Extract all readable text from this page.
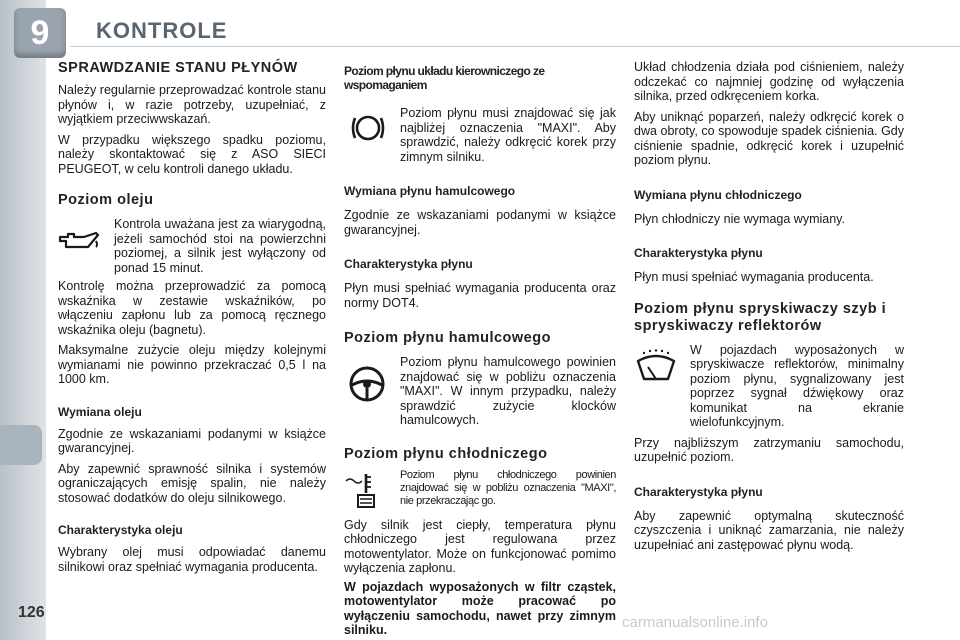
9	KONTROLE
SPRAWDZANIE STANU PŁYNÓW

Należy regularnie przeprowadzać kontrole stanu płynów i, w razie potrzeby, uzupełniać, z wyjątkiem przeciwwskazań.

W przypadku większego spadku poziomu, należy skontaktować się z ASO SIECI PEUGEOT, w celu kontroli danego układu.

Poziom oleju

Kontrola uważana jest za wiarygodną, jeżeli samochód stoi na powierzchni poziomej, a silnik jest wyłączony od ponad 15 minut.

Kontrolę można przeprowadzić za pomocą wskaźnika w zestawie wskaźników, po włączeniu zapłonu lub za pomocą ręcznego wskaźnika oleju (bagnetu).

Maksymalne zużycie oleju między kolejnymi wymianami nie powinno przekraczać 0,5 l na 1000 km.

Wymiana oleju

Zgodnie ze wskazaniami podanymi w książce gwarancyjnej.

Aby zapewnić sprawność silnika i systemów ograniczających emisję spalin, nie należy stosować dodatków do oleju silnikowego.

Charakterystyka oleju

Wybrany olej musi odpowiadać danemu silnikowi oraz spełniać wymagania producenta.

Poziom płynu układu kierowniczego ze wspomaganiem

Poziom płynu musi znajdować się jak najbliżej oznaczenia "MAXI". Aby sprawdzić, należy odkręcić korek przy zimnym silniku.

Wymiana płynu hamulcowego

Zgodnie ze wskazaniami podanymi w książce gwarancyjnej.

Charakterystyka płynu

Płyn musi spełniać wymagania producenta oraz normy DOT4.

Poziom płynu hamulcowego

Poziom płynu hamulcowego powinien znajdować się w pobliżu oznaczenia "MAXI". W innym przypadku, należy sprawdzić zużycie klocków hamulcowych.

Poziom płynu chłodniczego

Poziom płynu chłodniczego powinien znajdować się w pobliżu oznaczenia "MAXI", nie przekraczając go.

Gdy silnik jest ciepły, temperatura płynu chłodniczego jest regulowana przez motowentylator. Może on funkcjonować pomimo wyłączenia zapłonu.

W pojazdach wyposażonych w filtr cząstek, motowentylator może pracować po wyłączeniu samochodu, nawet przy zimnym silniku.

Układ chłodzenia działa pod ciśnieniem, należy odczekać co najmniej godzinę od wyłączenia silnika, przed odkręceniem korka.

Aby uniknąć poparzeń, należy odkręcić korek o dwa obroty, co spowoduje spadek ciśnienia. Gdy ciśnienie spadnie, odkręcić korek i uzupełnić poziom płynu.

Wymiana płynu chłodniczego

Płyn chłodniczy nie wymaga wymiany.

Charakterystyka płynu

Płyn musi spełniać wymagania producenta.

Poziom płynu spryskiwaczy szyb i spryskiwaczy reflektorów

W pojazdach wyposażonych w spryskiwacze reflektorów, minimalny poziom płynu, sygnalizowany jest poprzez sygnał dźwiękowy oraz komunikat na ekranie wielofunkcyjnym.

Przy najbliższym zatrzymaniu samochodu, uzupełnić poziom.

Charakterystyka płynu

Aby zapewnić optymalną skuteczność czyszczenia i uniknąć zamarzania, nie należy uzupełniać ani zastępować płynu wodą.

126
carmanualsonline.info
